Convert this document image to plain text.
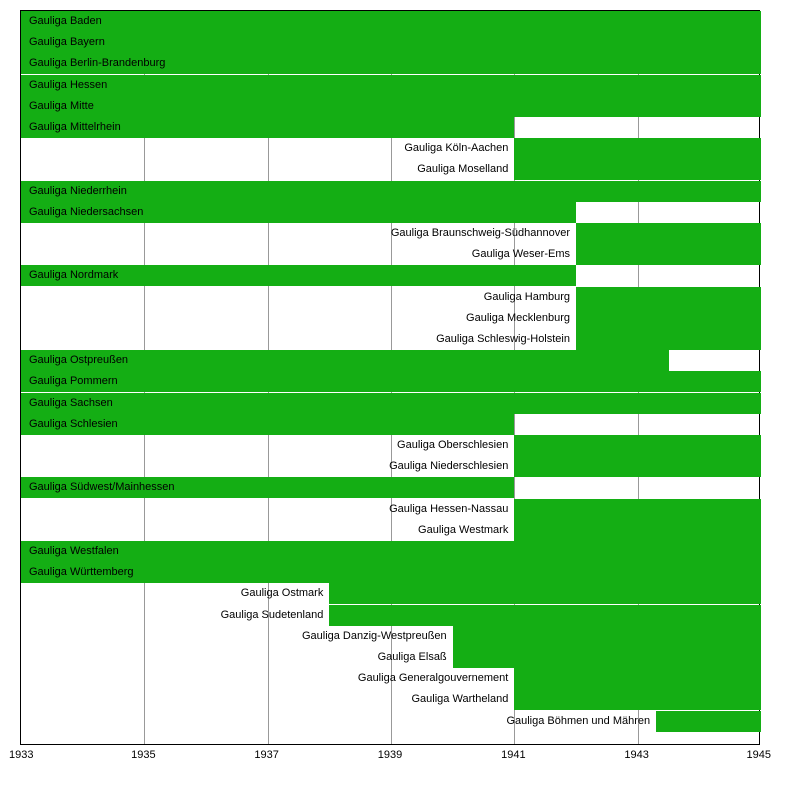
Gauliga Baden
Gauliga Bayern
Gauliga Berlin-Brandenburg
Gauliga Hessen
Gauliga Mitte
Gauliga Mittelrhein
Gauliga Köln-Aachen
Gauliga Moselland
Gauliga Niederrhein
Gauliga Niedersachsen
Gauliga Braunschweig-Südhannover
Gauliga Weser-Ems
Gauliga Nordmark
Gauliga Hamburg
Gauliga Mecklenburg
Gauliga Schleswig-Holstein
Gauliga Ostpreußen
Gauliga Pommern
Gauliga Sachsen
Gauliga Schlesien
Gauliga Oberschlesien
Gauliga Niederschlesien
Gauliga Südwest/Mainhessen
Gauliga Hessen-Nassau
Gauliga Westmark
Gauliga Westfalen
Gauliga Württemberg
Gauliga Ostmark
Gauliga Sudetenland
Gauliga Danzig-Westpreußen
Gauliga Elsaß
Gauliga Generalgouvernement
Gauliga Wartheland
Gauliga Böhmen und Mähren
1933	1935	1937	1939	1941	1943	1945
